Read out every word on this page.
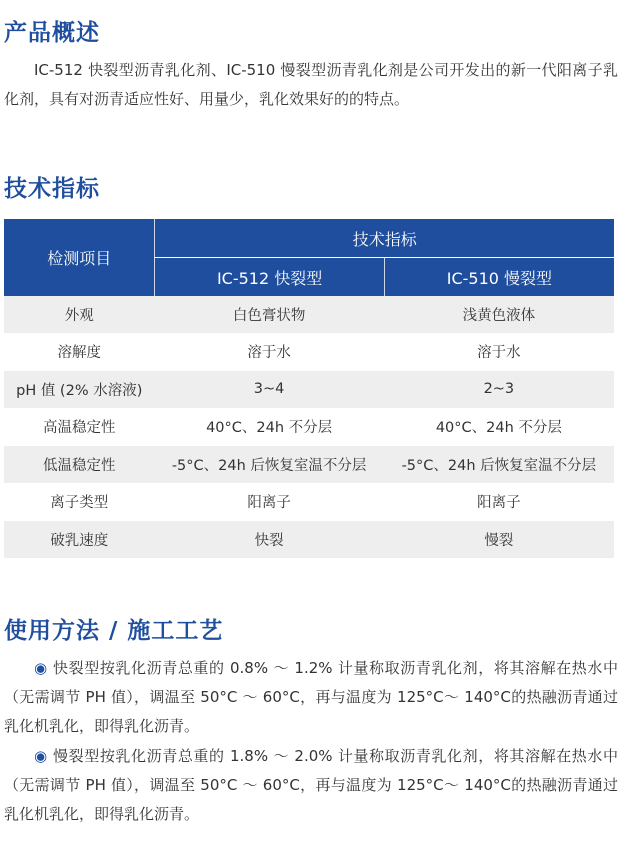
产品概述

IC-512 快裂型沥青乳化剂、IC-510 慢裂型沥青乳化剂是公司开发出的新一代阳离子乳化剂，具有对沥青适应性好、用量少，乳化效果好的的特点。

技术指标
检测项目	技术指标	
	IC-512 快裂型	IC-510 慢裂型
外观	白色膏状物	浅黄色液体
溶解度	溶于水	溶于水
pH 值 (2% 水溶液)	3~4	2~3
高温稳定性	40°C、24h 不分层	40°C、24h 不分层
低温稳定性	-5°C、24h 后恢复室温不分层	-5°C、24h 后恢复室温不分层
离子类型	阳离子	阳离子
破乳速度	快裂	慢裂
使用方法 / 施工工艺

◉ 快裂型按乳化沥青总重的 0.8% ～ 1.2% 计量称取沥青乳化剂，将其溶解在热水中（无需调节 PH 值），调温至 50°C ～ 60°C，再与温度为 125°C～ 140°C的热融沥青通过乳化机乳化，即得乳化沥青。

◉ 慢裂型按乳化沥青总重的 1.8% ～ 2.0% 计量称取沥青乳化剂，将其溶解在热水中（无需调节 PH 值），调温至 50°C ～ 60°C，再与温度为 125°C～ 140°C的热融沥青通过乳化机乳化，即得乳化沥青。
